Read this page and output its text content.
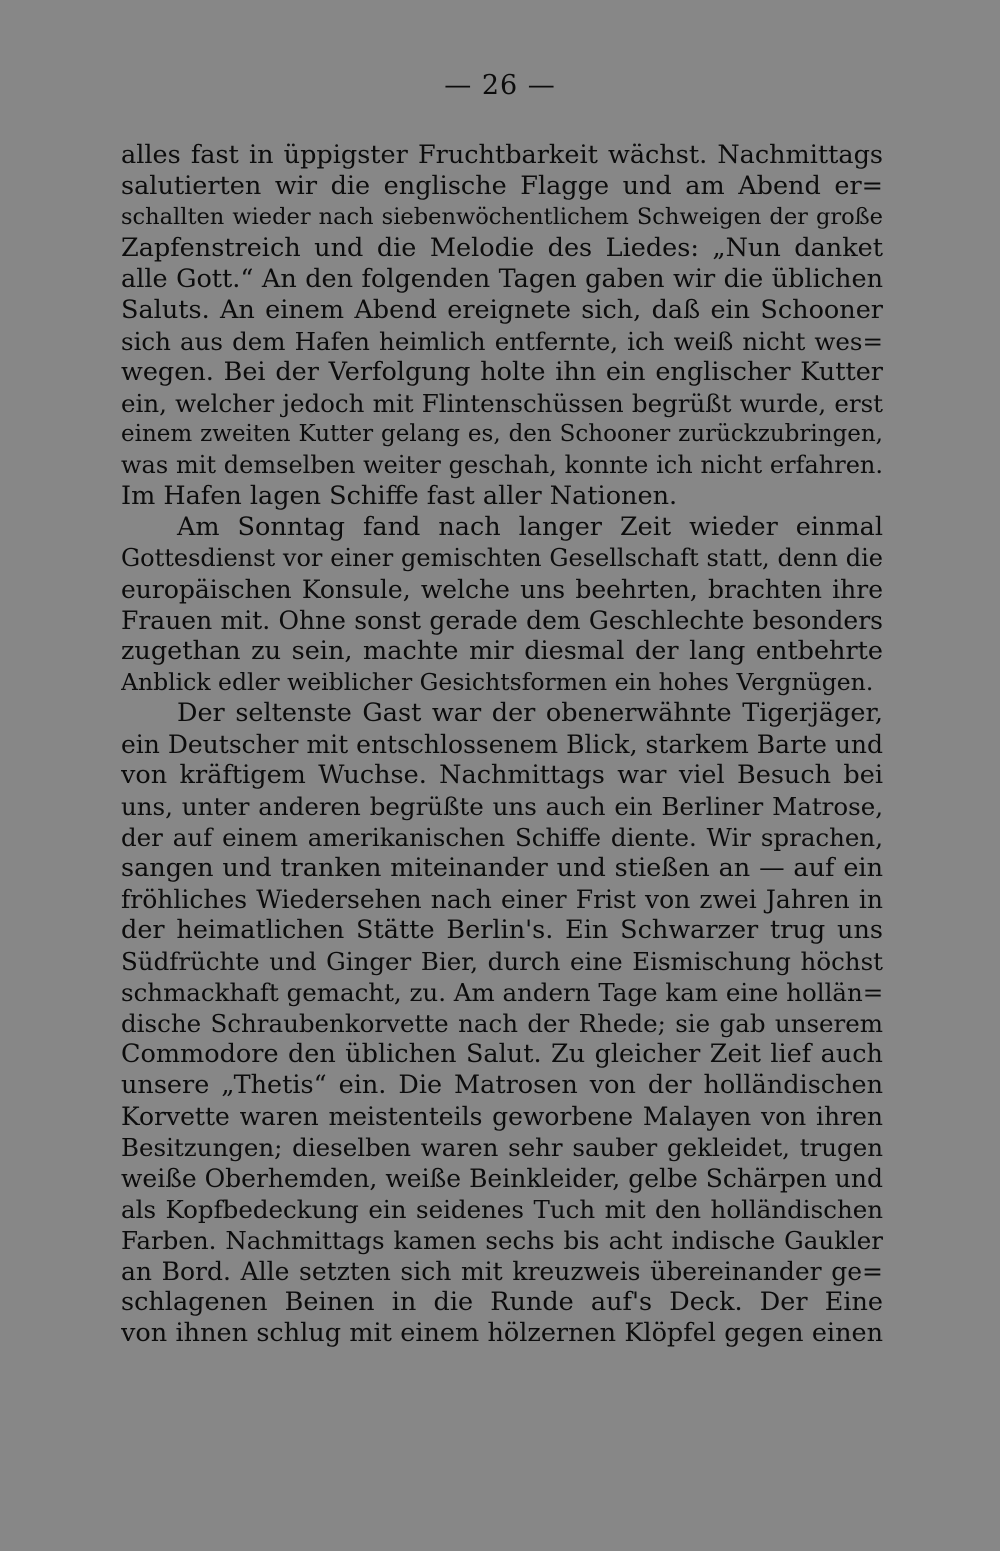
— 26 —
alles fast in üppigster Fruchtbarkeit wächst. Nachmittags
salutierten wir die englische Flagge und am Abend er=
schallten wieder nach siebenwöchentlichem Schweigen der große
Zapfenstreich und die Melodie des Liedes: „Nun danket
alle Gott.“ An den folgenden Tagen gaben wir die üblichen
Saluts. An einem Abend ereignete sich, daß ein Schooner
sich aus dem Hafen heimlich entfernte, ich weiß nicht wes=
wegen. Bei der Verfolgung holte ihn ein englischer Kutter
ein, welcher jedoch mit Flintenschüssen begrüßt wurde, erst
einem zweiten Kutter gelang es, den Schooner zurückzubringen,
was mit demselben weiter geschah, konnte ich nicht erfahren.
Im Hafen lagen Schiffe fast aller Nationen.
Am Sonntag fand nach langer Zeit wieder einmal
Gottesdienst vor einer gemischten Gesellschaft statt, denn die
europäischen Konsule, welche uns beehrten, brachten ihre
Frauen mit. Ohne sonst gerade dem Geschlechte besonders
zugethan zu sein, machte mir diesmal der lang entbehrte
Anblick edler weiblicher Gesichtsformen ein hohes Vergnügen.
Der seltenste Gast war der obenerwähnte Tigerjäger,
ein Deutscher mit entschlossenem Blick, starkem Barte und
von kräftigem Wuchse. Nachmittags war viel Besuch bei
uns, unter anderen begrüßte uns auch ein Berliner Matrose,
der auf einem amerikanischen Schiffe diente. Wir sprachen,
sangen und tranken miteinander und stießen an — auf ein
fröhliches Wiedersehen nach einer Frist von zwei Jahren in
der heimatlichen Stätte Berlin's. Ein Schwarzer trug uns
Südfrüchte und Ginger Bier, durch eine Eismischung höchst
schmackhaft gemacht, zu. Am andern Tage kam eine hollän=
dische Schraubenkorvette nach der Rhede; sie gab unserem
Commodore den üblichen Salut. Zu gleicher Zeit lief auch
unsere „Thetis“ ein. Die Matrosen von der holländischen
Korvette waren meistenteils geworbene Malayen von ihren
Besitzungen; dieselben waren sehr sauber gekleidet, trugen
weiße Oberhemden, weiße Beinkleider, gelbe Schärpen und
als Kopfbedeckung ein seidenes Tuch mit den holländischen
Farben. Nachmittags kamen sechs bis acht indische Gaukler
an Bord. Alle setzten sich mit kreuzweis übereinander ge=
schlagenen Beinen in die Runde auf's Deck. Der Eine
von ihnen schlug mit einem hölzernen Klöpfel gegen einen
